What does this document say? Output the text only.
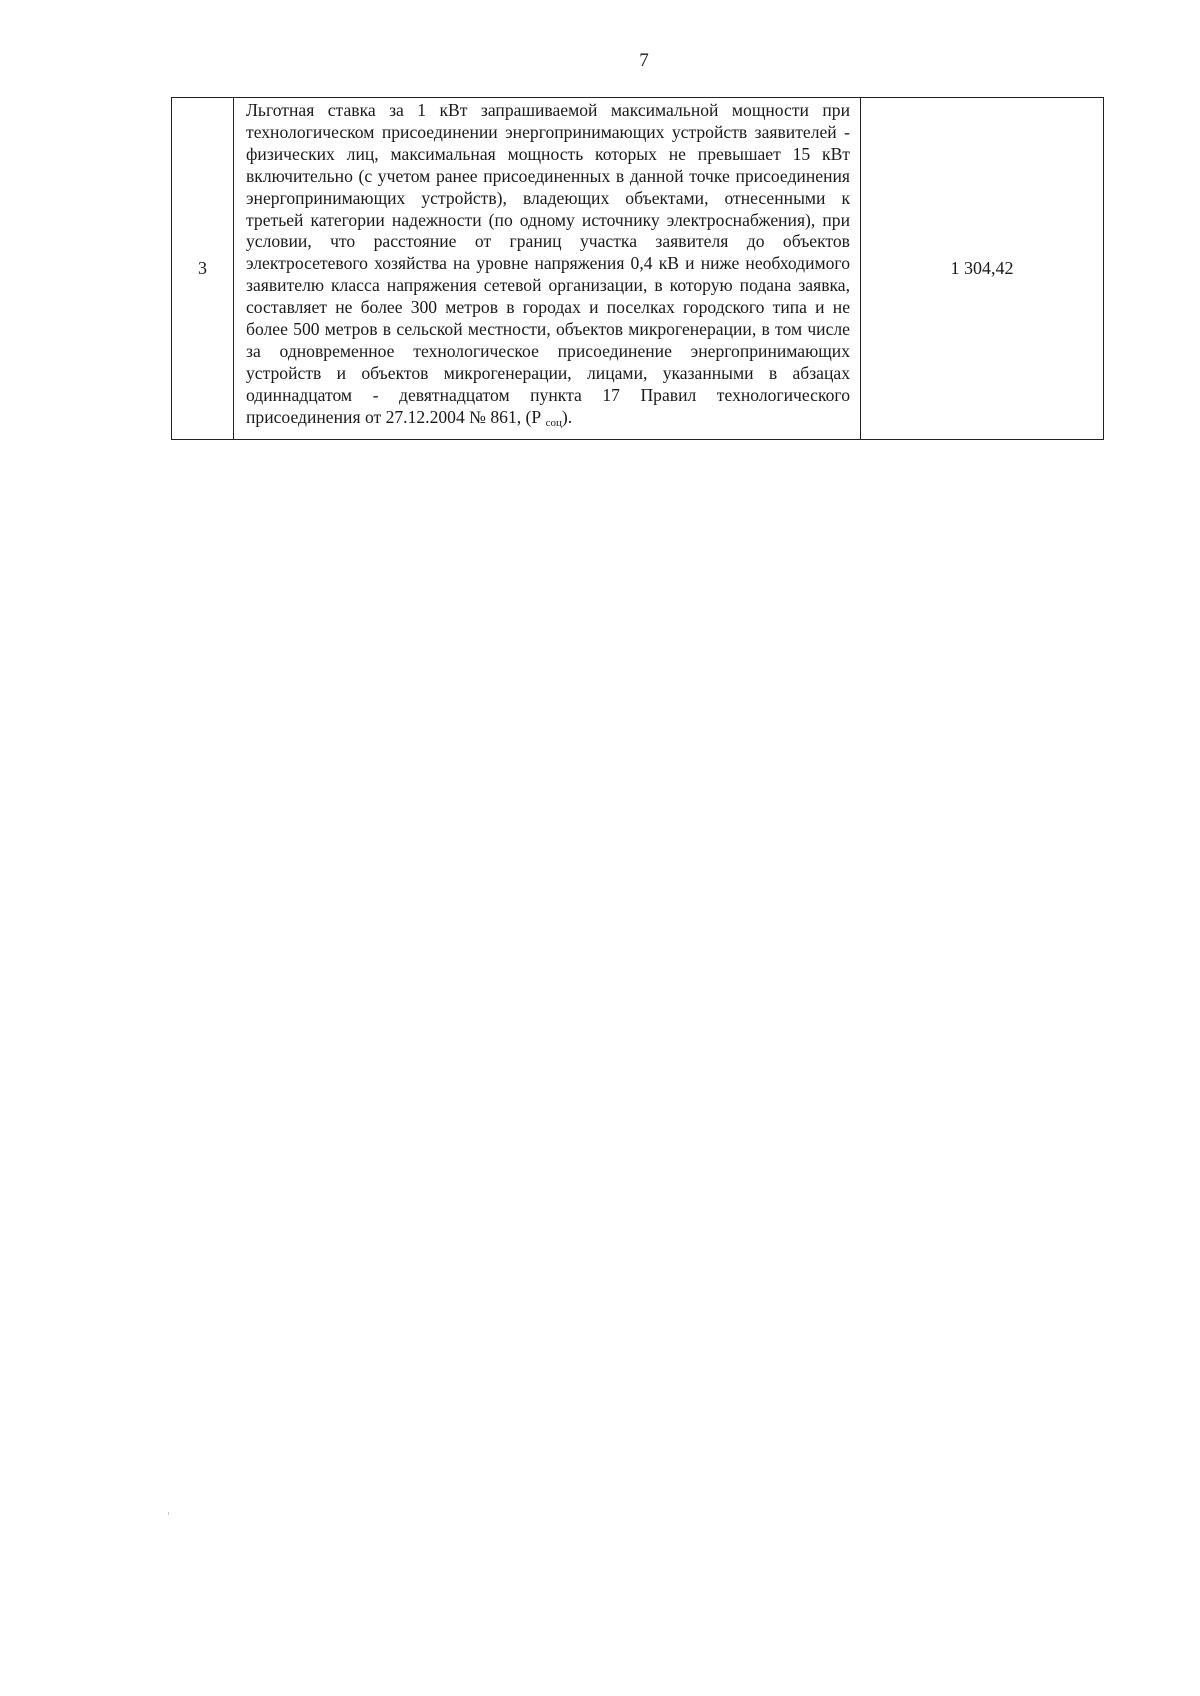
7
3	Льготная ставка за 1 кВт запрашиваемой максимальной мощности при технологическом присоединении энергопринимающих устройств заявителей - физических лиц, максимальная мощность которых не превышает 15 кВт включительно (с учетом ранее присоединенных в данной точке присоединения энергопринимающих устройств), владеющих объектами, отнесенными к третьей категории надежности (по одному источнику электроснабжения), при условии, что расстояние от границ участка заявителя до объектов электросетевого хозяйства на уровне напряжения 0,4 кВ и ниже необходимого заявителю класса напряжения сетевой организации, в которую подана заявка, составляет не более 300 метров в городах и поселках городского типа и не более 500 метров в сельской местности, объектов микрогенерации, в том числе за одновременное технологическое присоединение энергопринимающих устройств и объектов микрогенерации, лицами, указанными в абзацах одиннадцатом - девятнадцатом пункта 17 Правил технологического присоединения от 27.12.2004 № 861, (Р $_{соц}$).	1 304,42
